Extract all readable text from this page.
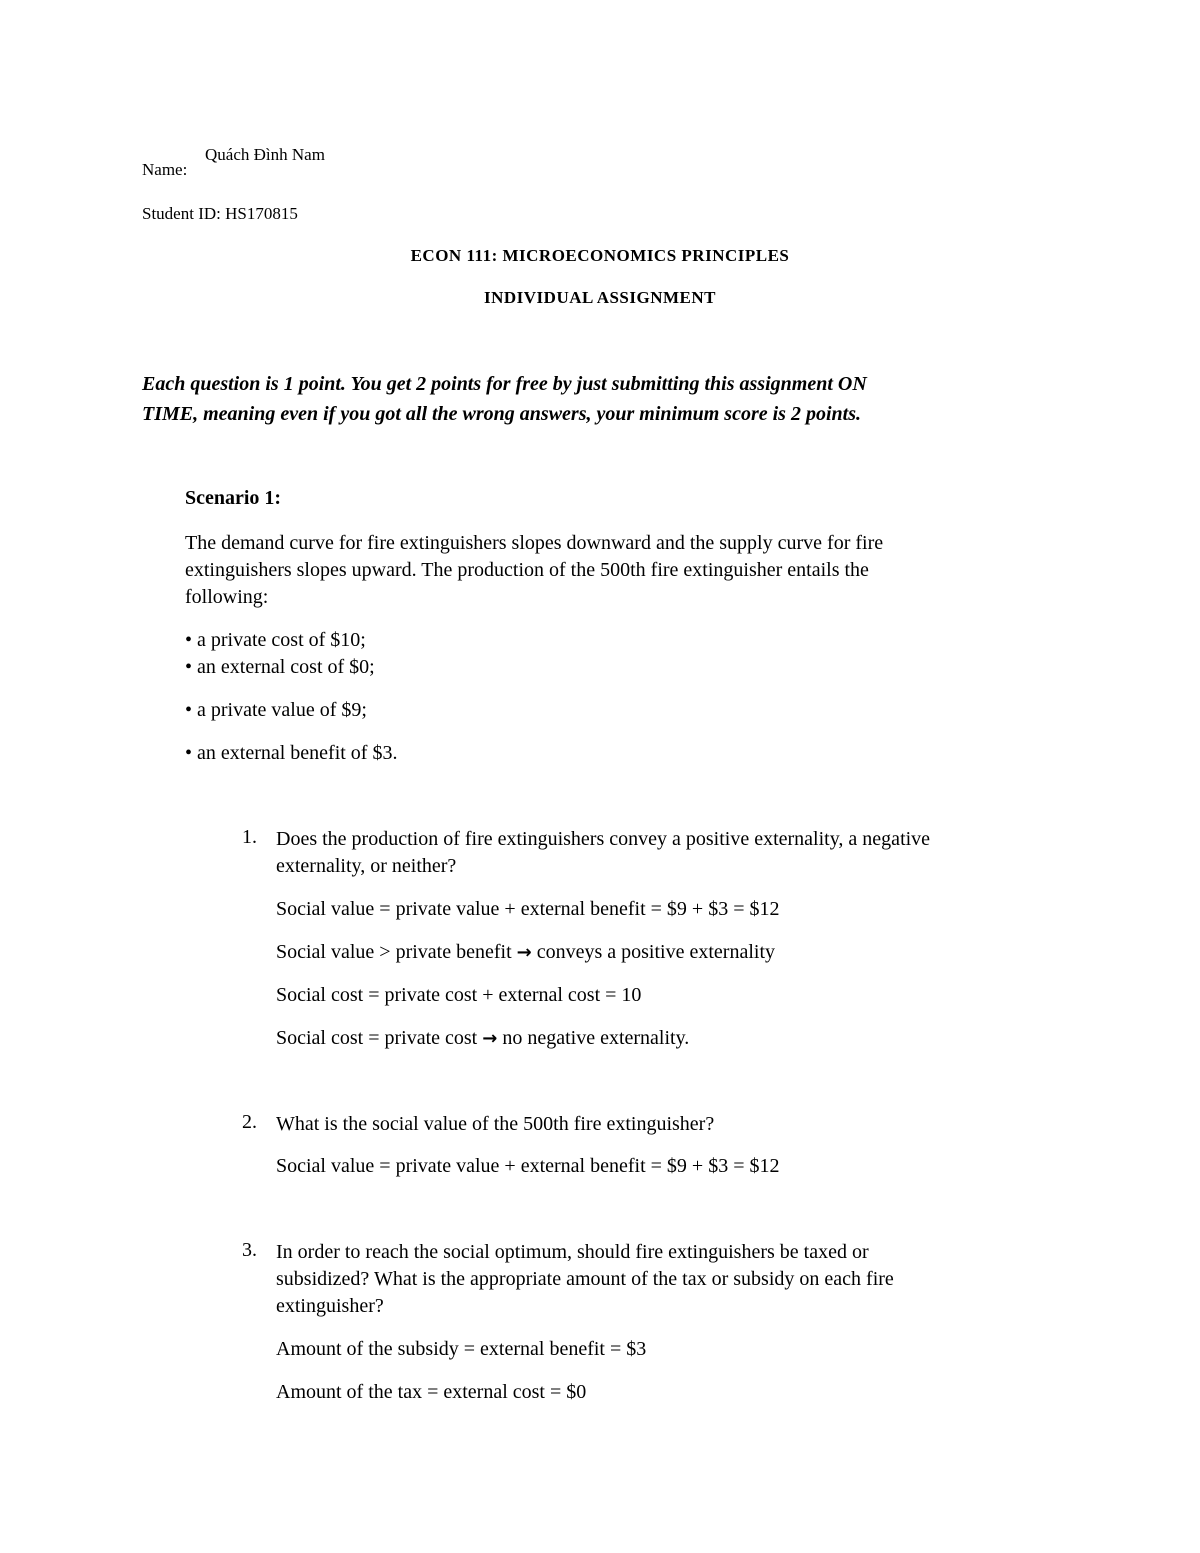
Name:
Quách Đình Nam
Student ID: HS170815
ECON 111: MICROECONOMICS PRINCIPLES
INDIVIDUAL ASSIGNMENT
Each question is 1 point. You get 2 points for free by just submitting this assignment ON
TIME, meaning even if you got all the wrong answers, your minimum score is 2 points.
Scenario 1:
The demand curve for fire extinguishers slopes downward and the supply curve for fire
extinguishers slopes upward. The production of the 500th fire extinguisher entails the
following:
• a private cost of $10;
• an external cost of $0;
• a private value of $9;
• an external benefit of $3.
1. Does the production of fire extinguishers convey a positive externality, a negative
externality, or neither?
Social value = private value + external benefit = $9 + $3 = $12
Social value > private benefit → conveys a positive externality
Social cost = private cost + external cost = 10
Social cost = private cost → no negative externality.
2. What is the social value of the 500th fire extinguisher?
Social value = private value + external benefit = $9 + $3 = $12
3. In order to reach the social optimum, should fire extinguishers be taxed or
subsidized? What is the appropriate amount of the tax or subsidy on each fire
extinguisher?
Amount of the subsidy = external benefit = $3
Amount of the tax = external cost = $0
